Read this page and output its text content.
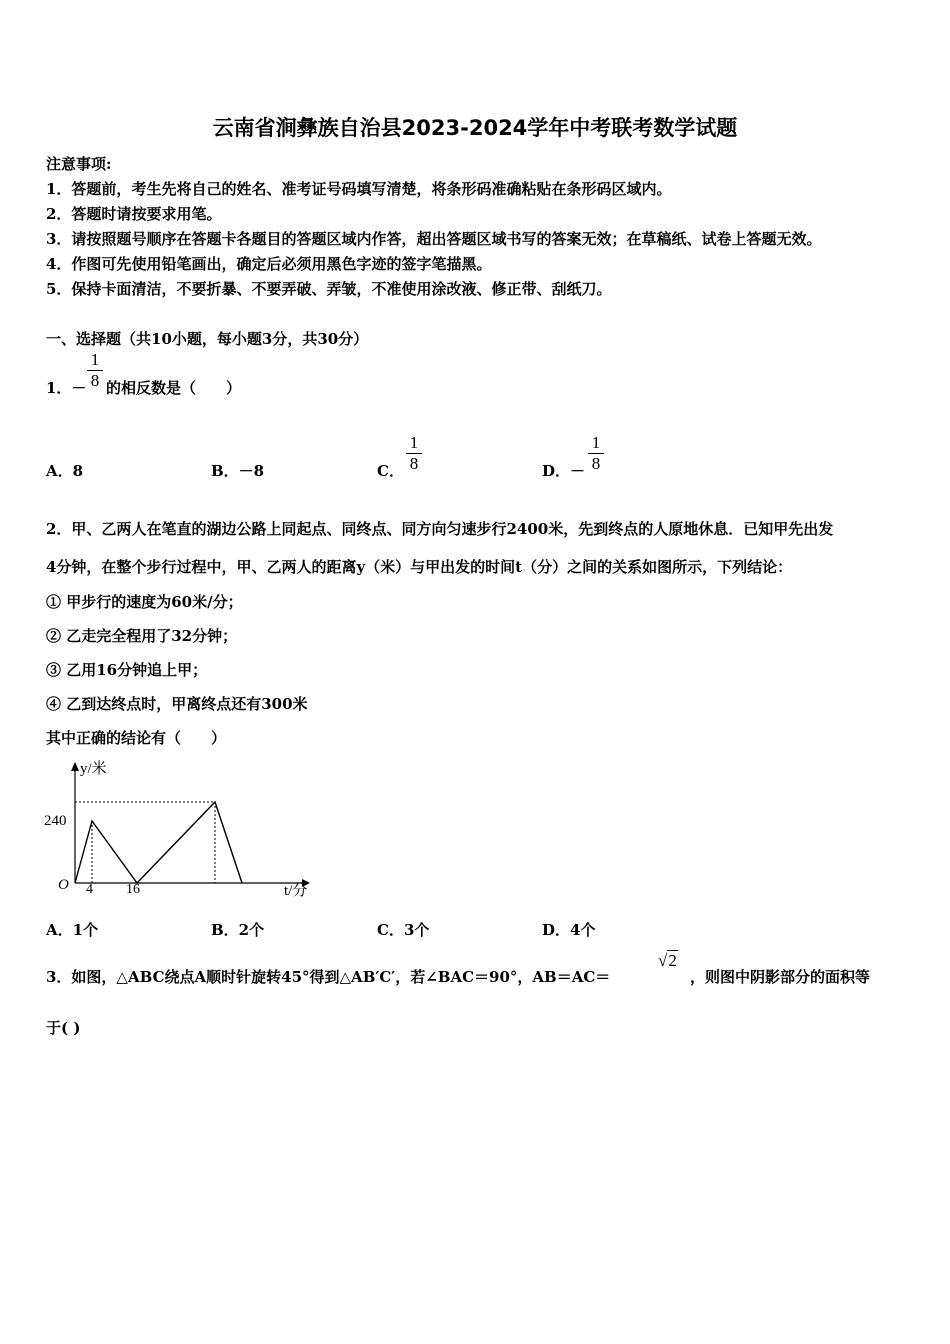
云南省涧彝族自治县2023-2024学年中考联考数学试题
注意事项:
1．答题前，考生先将自己的姓名、准考证号码填写清楚，将条形码准确粘贴在条形码区域内。
2．答题时请按要求用笔。
3．请按照题号顺序在答题卡各题目的答题区域内作答，超出答题区域书写的答案无效；在草稿纸、试卷上答题无效。
4．作图可先使用铅笔画出，确定后必须用黑色字迹的签字笔描黑。
5．保持卡面清洁，不要折暴、不要弄破、弄皱，不准使用涂改液、修正带、刮纸刀。
一、选择题（共10小题，每小题3分，共30分）
1．－
1
8 的相反数是（　　）
A．8	B．－8	C．
1
8	D．－
1
8
2．甲、乙两人在笔直的湖边公路上同起点、同终点、同方向匀速步行2400米，先到终点的人原地休息．已知甲先出发
4分钟，在整个步行过程中，甲、乙两人的距离y（米）与甲出发的时间t（分）之间的关系如图所示，下列结论：
① 甲步行的速度为60米/分；
② 乙走完全程用了32分钟；
③ 乙用16分钟追上甲；
④ 乙到达终点时，甲离终点还有300米
其中正确的结论有（　　）
y/米
t/分
O
240
4 16
A．1个	B．2个	C．3个	D．4个
3．如图，△ABC绕点A顺时针旋转45°得到△AB′C′，若∠BAC＝90°，AB＝AC＝
√2
，则图中阴影部分的面积等
于( )
